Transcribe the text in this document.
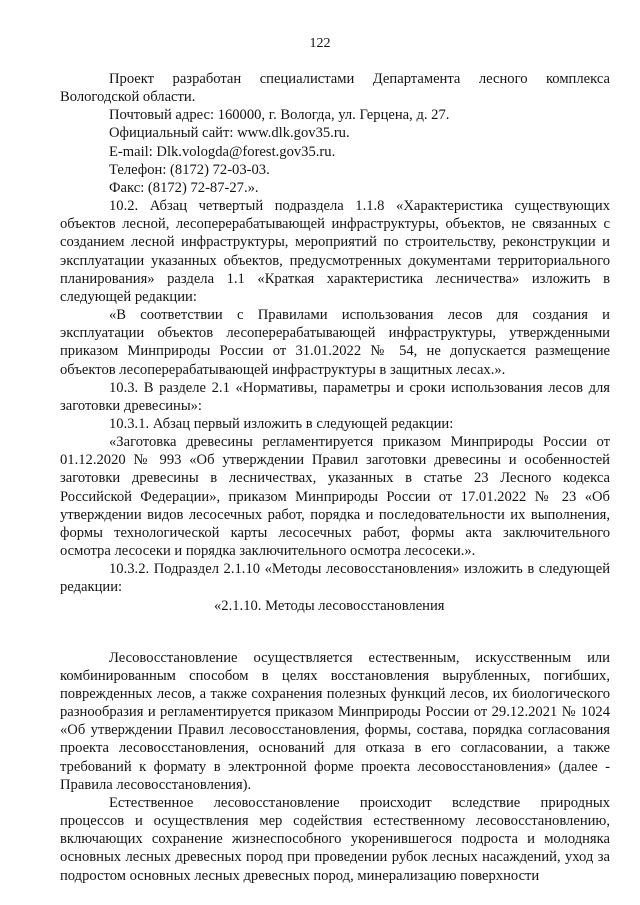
122

Проект разработан специалистами Департамента лесного комплекса Вологодской области.

Почтовый адрес: 160000, г. Вологда, ул. Герцена, д. 27.

Официальный сайт: www.dlk.gov35.ru.

E-mail: Dlk.vologda@forest.gov35.ru.

Телефон: (8172) 72-03-03.

Факс: (8172) 72-87-27.».

10.2. Абзац четвертый подраздела 1.1.8 «Характеристика существующих объектов лесной, лесоперерабатывающей инфраструктуры, объектов, не связанных с созданием лесной инфраструктуры, мероприятий по строительству, реконструкции и эксплуатации указанных объектов, предусмотренных документами территориального планирования» раздела 1.1 «Краткая характеристика лесничества» изложить в следующей редакции:

«В соответствии с Правилами использования лесов для создания и эксплуатации объектов лесоперерабатывающей инфраструктуры, утвержденными приказом Минприроды России от 31.01.2022 № 54, не допускается размещение объектов лесоперерабатывающей инфраструктуры в защитных лесах.».

10.3. В разделе 2.1 «Нормативы, параметры и сроки использования лесов для заготовки древесины»:

10.3.1. Абзац первый изложить в следующей редакции:

«Заготовка древесины регламентируется приказом Минприроды России от 01.12.2020 № 993 «Об утверждении Правил заготовки древесины и особенностей заготовки древесины в лесничествах, указанных в статье 23 Лесного кодекса Российской Федерации», приказом Минприроды России от 17.01.2022 № 23 «Об утверждении видов лесосечных работ, порядка и последовательности их выполнения, формы технологической карты лесосечных работ, формы акта заключительного осмотра лесосеки и порядка заключительного осмотра лесосеки.».

10.3.2. Подраздел 2.1.10 «Методы лесовосстановления» изложить в следующей редакции:

«2.1.10. Методы лесовосстановления

Лесовосстановление осуществляется естественным, искусственным или комбинированным способом в целях восстановления вырубленных, погибших, поврежденных лесов, а также сохранения полезных функций лесов, их биологического разнообразия и регламентируется приказом Минприроды России от 29.12.2021 № 1024 «Об утверждении Правил лесовосстановления, формы, состава, порядка согласования проекта лесовосстановления, оснований для отказа в его согласовании, а также требований к формату в электронной форме проекта лесовосстановления» (далее - Правила лесовосстановления).

Естественное лесовосстановление происходит вследствие природных процессов и осуществления мер содействия естественному лесовосстановлению, включающих сохранение жизнеспособного укоренившегося подроста и молодняка основных лесных древесных пород при проведении рубок лесных насаждений, уход за подростом основных лесных древесных пород, минерализацию поверхности
